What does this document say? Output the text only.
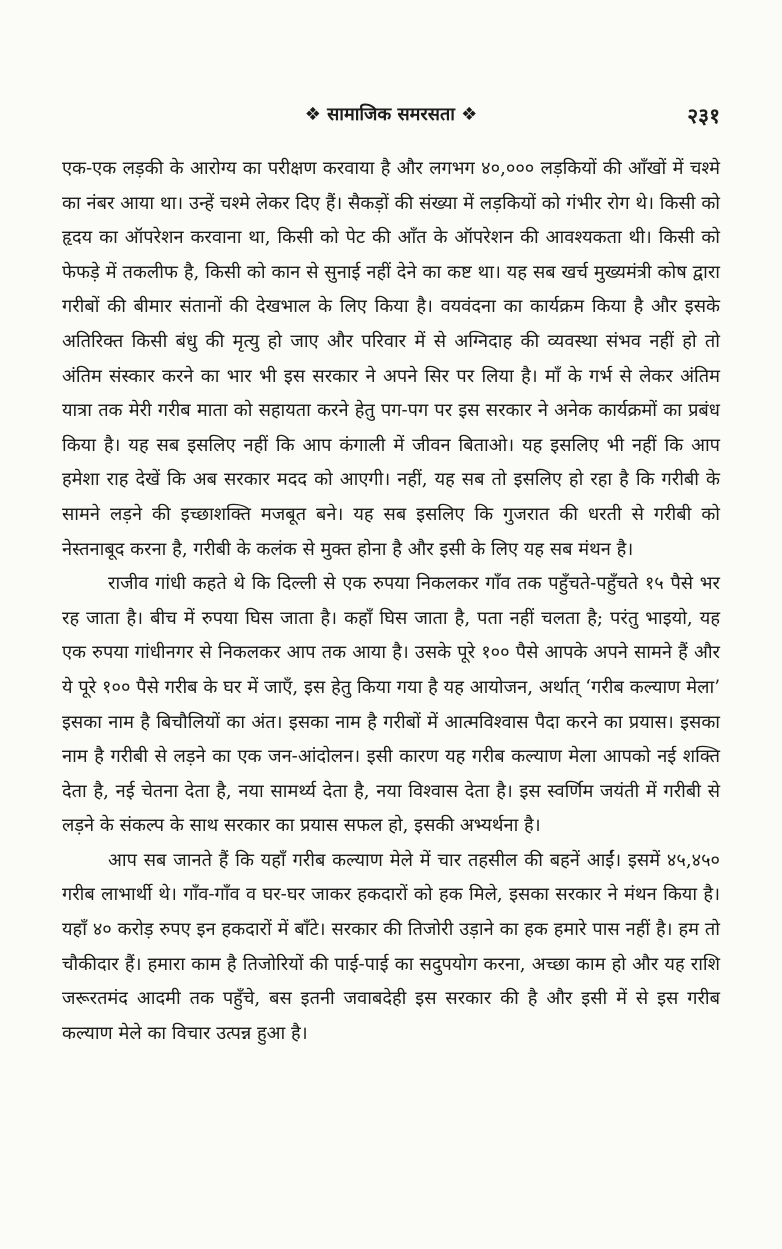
❖ सामाजिक समरसता ❖	२३१

एक-एक लड़की के आरोग्य का परीक्षण करवाया है और लगभग ४०,००० लड़कियों की आँखों में चश्मे का नंबर आया था। उन्हें चश्मे लेकर दिए हैं। सैकड़ों की संख्या में लड़कियों को गंभीर रोग थे। किसी को हृदय का ऑपरेशन करवाना था, किसी को पेट की आँत के ऑपरेशन की आवश्यकता थी। किसी को फेफड़े में तकलीफ है, किसी को कान से सुनाई नहीं देने का कष्ट था। यह सब खर्च मुख्यमंत्री कोष द्वारा गरीबों की बीमार संतानों की देखभाल के लिए किया है। वयवंदना का कार्यक्रम किया है और इसके अतिरिक्त किसी बंधु की मृत्यु हो जाए और परिवार में से अग्निदाह की व्यवस्था संभव नहीं हो तो अंतिम संस्कार करने का भार भी इस सरकार ने अपने सिर पर लिया है। माँ के गर्भ से लेकर अंतिम यात्रा तक मेरी गरीब माता को सहायता करने हेतु पग-पग पर इस सरकार ने अनेक कार्यक्रमों का प्रबंध किया है। यह सब इसलिए नहीं कि आप कंगाली में जीवन बिताओ। यह इसलिए भी नहीं कि आप हमेशा राह देखें कि अब सरकार मदद को आएगी। नहीं, यह सब तो इसलिए हो रहा है कि गरीबी के सामने लड़ने की इच्छाशक्ति मजबूत बने। यह सब इसलिए कि गुजरात की धरती से गरीबी को नेस्तनाबूद करना है, गरीबी के कलंक से मुक्त होना है और इसी के लिए यह सब मंथन है।

राजीव गांधी कहते थे कि दिल्ली से एक रुपया निकलकर गाँव तक पहुँचते-पहुँचते १५ पैसे भर रह जाता है। बीच में रुपया घिस जाता है। कहाँ घिस जाता है, पता नहीं चलता है; परंतु भाइयो, यह एक रुपया गांधीनगर से निकलकर आप तक आया है। उसके पूरे १०० पैसे आपके अपने सामने हैं और ये पूरे १०० पैसे गरीब के घर में जाएँ, इस हेतु किया गया है यह आयोजन, अर्थात् ‘गरीब कल्याण मेला’ इसका नाम है बिचौलियों का अंत। इसका नाम है गरीबों में आत्मविश्वास पैदा करने का प्रयास। इसका नाम है गरीबी से लड़ने का एक जन-आंदोलन। इसी कारण यह गरीब कल्याण मेला आपको नई शक्ति देता है, नई चेतना देता है, नया सामर्थ्य देता है, नया विश्वास देता है। इस स्वर्णिम जयंती में गरीबी से लड़ने के संकल्प के साथ सरकार का प्रयास सफल हो, इसकी अभ्यर्थना है।

आप सब जानते हैं कि यहाँ गरीब कल्याण मेले में चार तहसील की बहनें आईं। इसमें ४५,४५० गरीब लाभार्थी थे। गाँव-गाँव व घर-घर जाकर हकदारों को हक मिले, इसका सरकार ने मंथन किया है। यहाँ ४० करोड़ रुपए इन हकदारों में बाँटे। सरकार की तिजोरी उड़ाने का हक हमारे पास नहीं है। हम तो चौकीदार हैं। हमारा काम है तिजोरियों की पाई-पाई का सदुपयोग करना, अच्छा काम हो और यह राशि जरूरतमंद आदमी तक पहुँचे, बस इतनी जवाबदेही इस सरकार की है और इसी में से इस गरीब कल्याण मेले का विचार उत्पन्न हुआ है।
